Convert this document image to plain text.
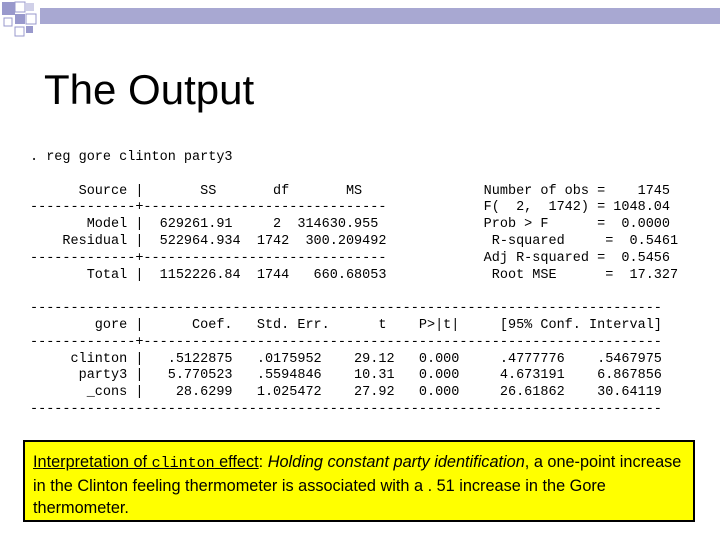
The Output
. reg gore clinton party3
Source |       SS       df       MS               Number of obs =    1745
-------------+------------------------------            F(  2,  1742) = 1048.04
Model |  629261.91     2  314630.955             Prob > F      =  0.0000
Residual |  522964.934  1742  300.209492             R-squared     =  0.5461
-------------+------------------------------            Adj R-squared =  0.5456
Total |  1152226.84  1744   660.68053             Root MSE      =  17.327
------------------------------------------------------------------------------
gore |      Coef.   Std. Err.      t    P>|t|     [95% Conf. Interval]
-------------+----------------------------------------------------------------
clinton |   .5122875   .0175952    29.12   0.000     .4777776    .5467975
party3 |   5.770523   .5594846    10.31   0.000     4.673191    6.867856
_cons |    28.6299   1.025472    27.92   0.000     26.61862    30.64119
------------------------------------------------------------------------------
Interpretation of clinton effect: Holding constant party identification, a one-point increase in the Clinton feeling thermometer is associated with a . 51 increase in the Gore thermometer.
